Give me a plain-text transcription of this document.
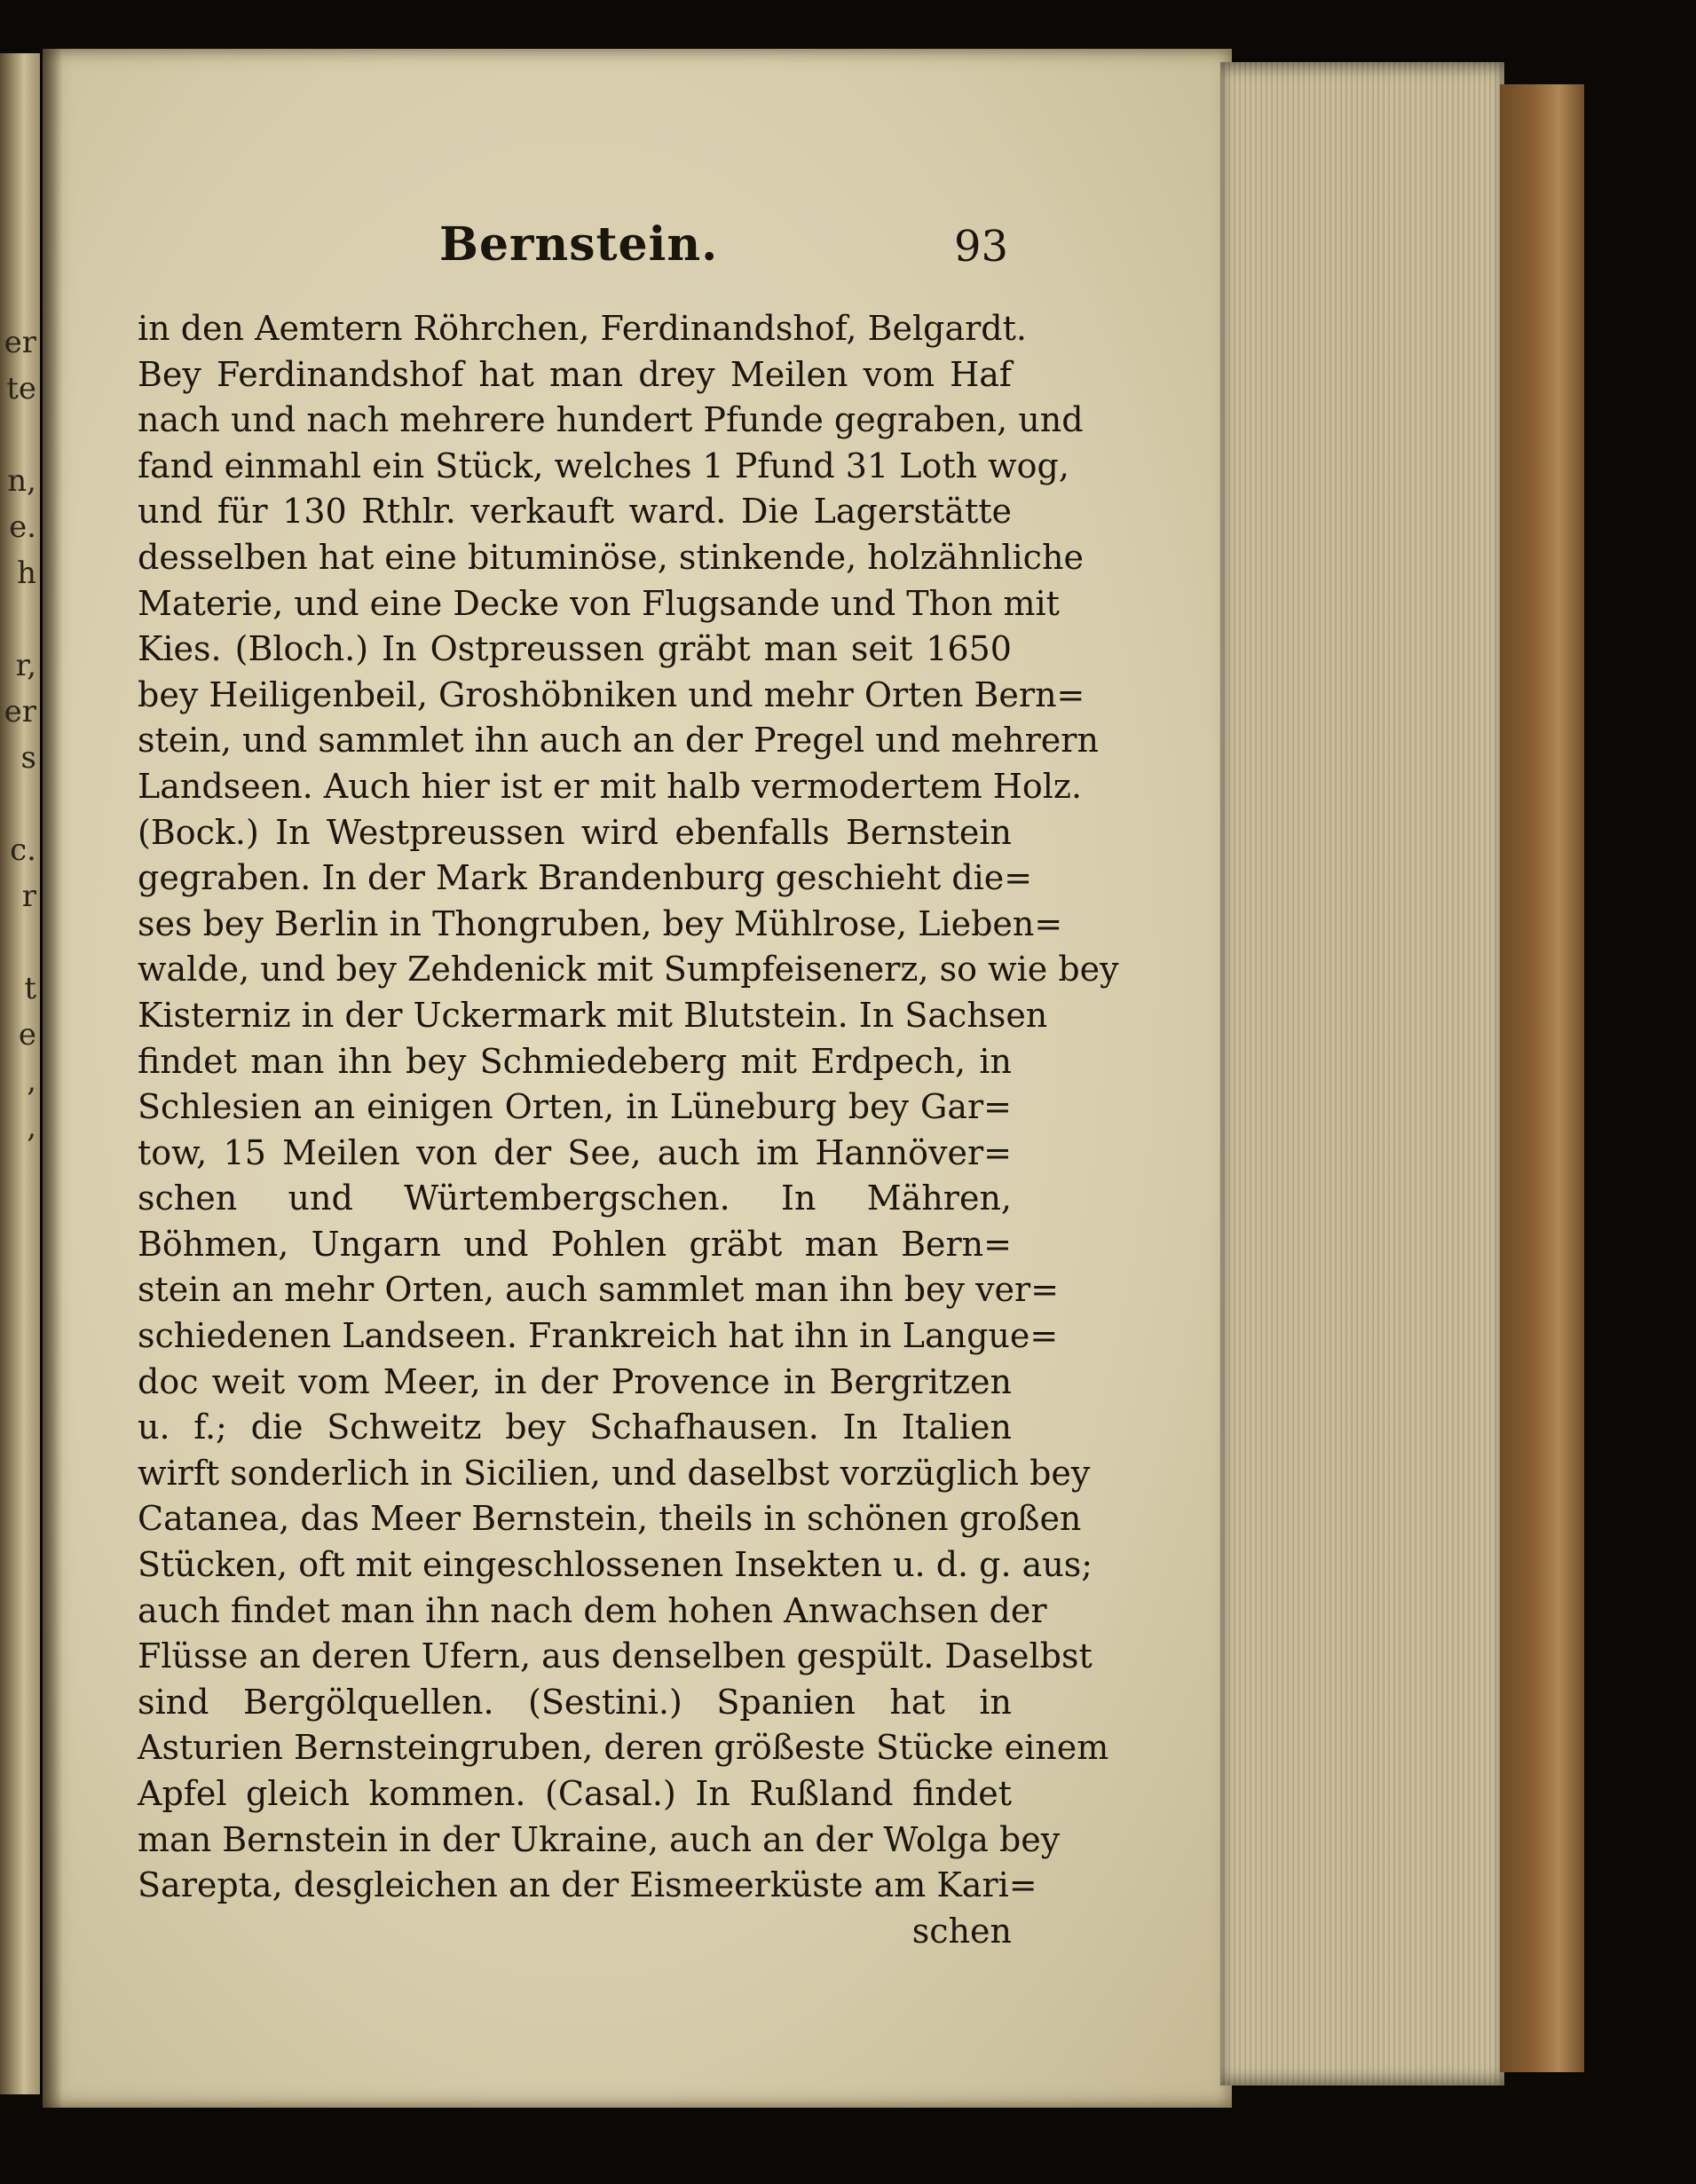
er
te

n,
e.
h

r,
er
s

c.
r

t
e
,
,

Bernstein.	93
in den Aemtern Röhrchen, Ferdinandshof, Belgardt.
Bey Ferdinandshof hat man drey Meilen vom Haf
nach und nach mehrere hundert Pfunde gegraben, und
fand einmahl ein Stück, welches 1 Pfund 31 Loth wog,
und für 130 Rthlr. verkauft ward. Die Lagerstätte
desselben hat eine bituminöse, stinkende, holzähnliche
Materie, und eine Decke von Flugsande und Thon mit
Kies. (Bloch.) In Ostpreussen gräbt man seit 1650
bey Heiligenbeil, Groshöbniken und mehr Orten Bern=
stein, und sammlet ihn auch an der Pregel und mehrern
Landseen. Auch hier ist er mit halb vermodertem Holz.
(Bock.) In Westpreussen wird ebenfalls Bernstein
gegraben. In der Mark Brandenburg geschieht die=
ses bey Berlin in Thongruben, bey Mühlrose, Lieben=
walde, und bey Zehdenick mit Sumpfeisenerz, so wie bey
Kisterniz in der Uckermark mit Blutstein. In Sachsen
findet man ihn bey Schmiedeberg mit Erdpech, in
Schlesien an einigen Orten, in Lüneburg bey Gar=
tow, 15 Meilen von der See, auch im Hannöver=
schen und Würtembergschen. In Mähren,
Böhmen, Ungarn und Pohlen gräbt man Bern=
stein an mehr Orten, auch sammlet man ihn bey ver=
schiedenen Landseen. Frankreich hat ihn in Langue=
doc weit vom Meer, in der Provence in Bergritzen
u. f.; die Schweitz bey Schafhausen. In Italien
wirft sonderlich in Sicilien, und daselbst vorzüglich bey
Catanea, das Meer Bernstein, theils in schönen großen
Stücken, oft mit eingeschlossenen Insekten u. d. g. aus;
auch findet man ihn nach dem hohen Anwachsen der
Flüsse an deren Ufern, aus denselben gespült. Daselbst
sind Bergölquellen. (Sestini.) Spanien hat in
Asturien Bernsteingruben, deren größeste Stücke einem
Apfel gleich kommen. (Casal.) In Rußland findet
man Bernstein in der Ukraine, auch an der Wolga bey
Sarepta, desgleichen an der Eismeerküste am Kari=
schen
